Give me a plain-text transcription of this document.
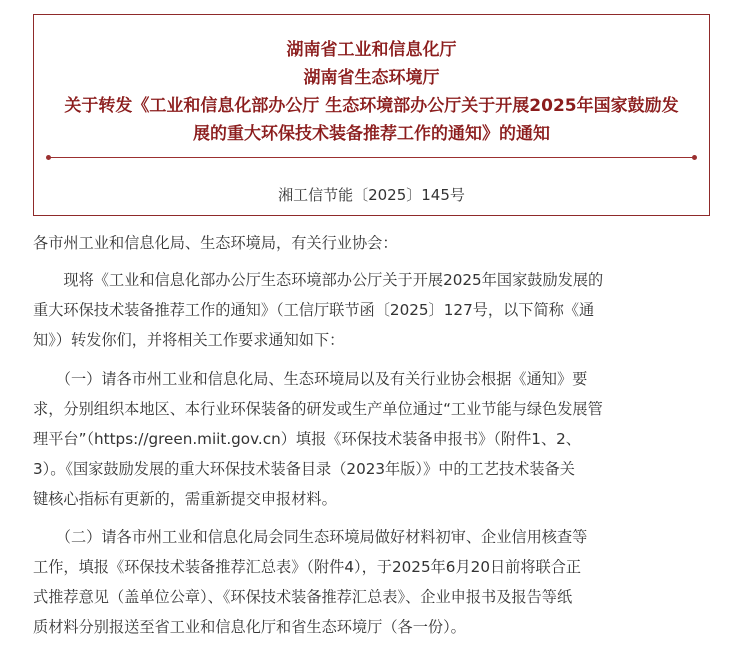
湖南省工业和信息化厅
湖南省生态环境厅
关于转发《工业和信息化部办公厅 生态环境部办公厅关于开展2025年国家鼓励发
展的重大环保技术装备推荐工作的通知》的通知
湘工信节能〔2025〕145号
各市州工业和信息化局、生态环境局，有关行业协会：
　　现将《工业和信息化部办公厅生态环境部办公厅关于开展2025年国家鼓励发展的
重大环保技术装备推荐工作的通知》（工信厅联节函〔2025〕127号，以下简称《通
知》）转发你们，并将相关工作要求通知如下：
　　（一）请各市州工业和信息化局、生态环境局以及有关行业协会根据《通知》要
求，分别组织本地区、本行业环保装备的研发或生产单位通过“工业节能与绿色发展管
理平台”（https://green.miit.gov.cn）填报《环保技术装备申报书》（附件1、2、
3）。《国家鼓励发展的重大环保技术装备目录（2023年版）》中的工艺技术装备关
键核心指标有更新的，需重新提交申报材料。
　　（二）请各市州工业和信息化局会同生态环境局做好材料初审、企业信用核查等
工作，填报《环保技术装备推荐汇总表》（附件4），于2025年6月20日前将联合正
式推荐意见（盖单位公章）、《环保技术装备推荐汇总表》、企业申报书及报告等纸
质材料分别报送至省工业和信息化厅和省生态环境厅（各一份）。
